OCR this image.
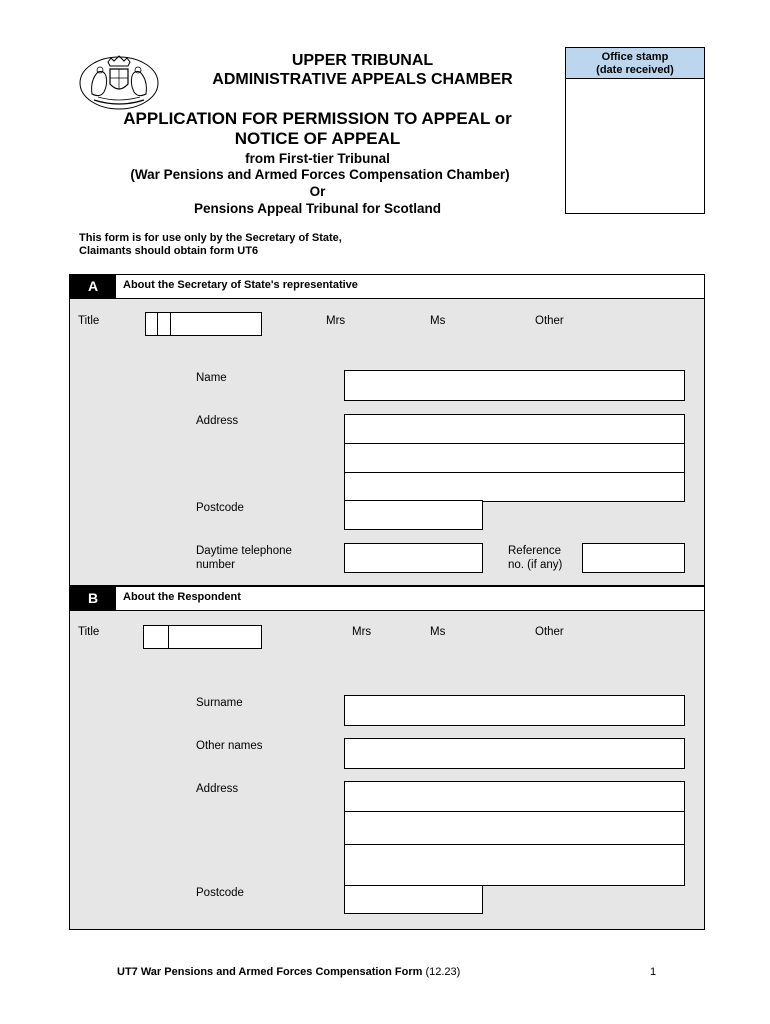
UPPER TRIBUNAL
ADMINISTRATIVE APPEALS CHAMBER
APPLICATION FOR PERMISSION TO APPEAL or
NOTICE OF APPEAL
from First-tier Tribunal
(War Pensions and Armed Forces Compensation Chamber)
Or
Pensions Appeal Tribunal for Scotland
Office stamp
(date received)
This form is for use only by the Secretary of State,
Claimants should obtain form UT6
A	About the Secretary of State's representative
Title	Mrs	Ms	Other
Name
Address
Postcode
Daytime telephone
number
Reference
no. (if any)
B	About the Respondent
Title	Mrs	Ms	Other
Surname
Other names
Address
Postcode
UT7 War Pensions and Armed Forces Compensation Form (12.23)	1
